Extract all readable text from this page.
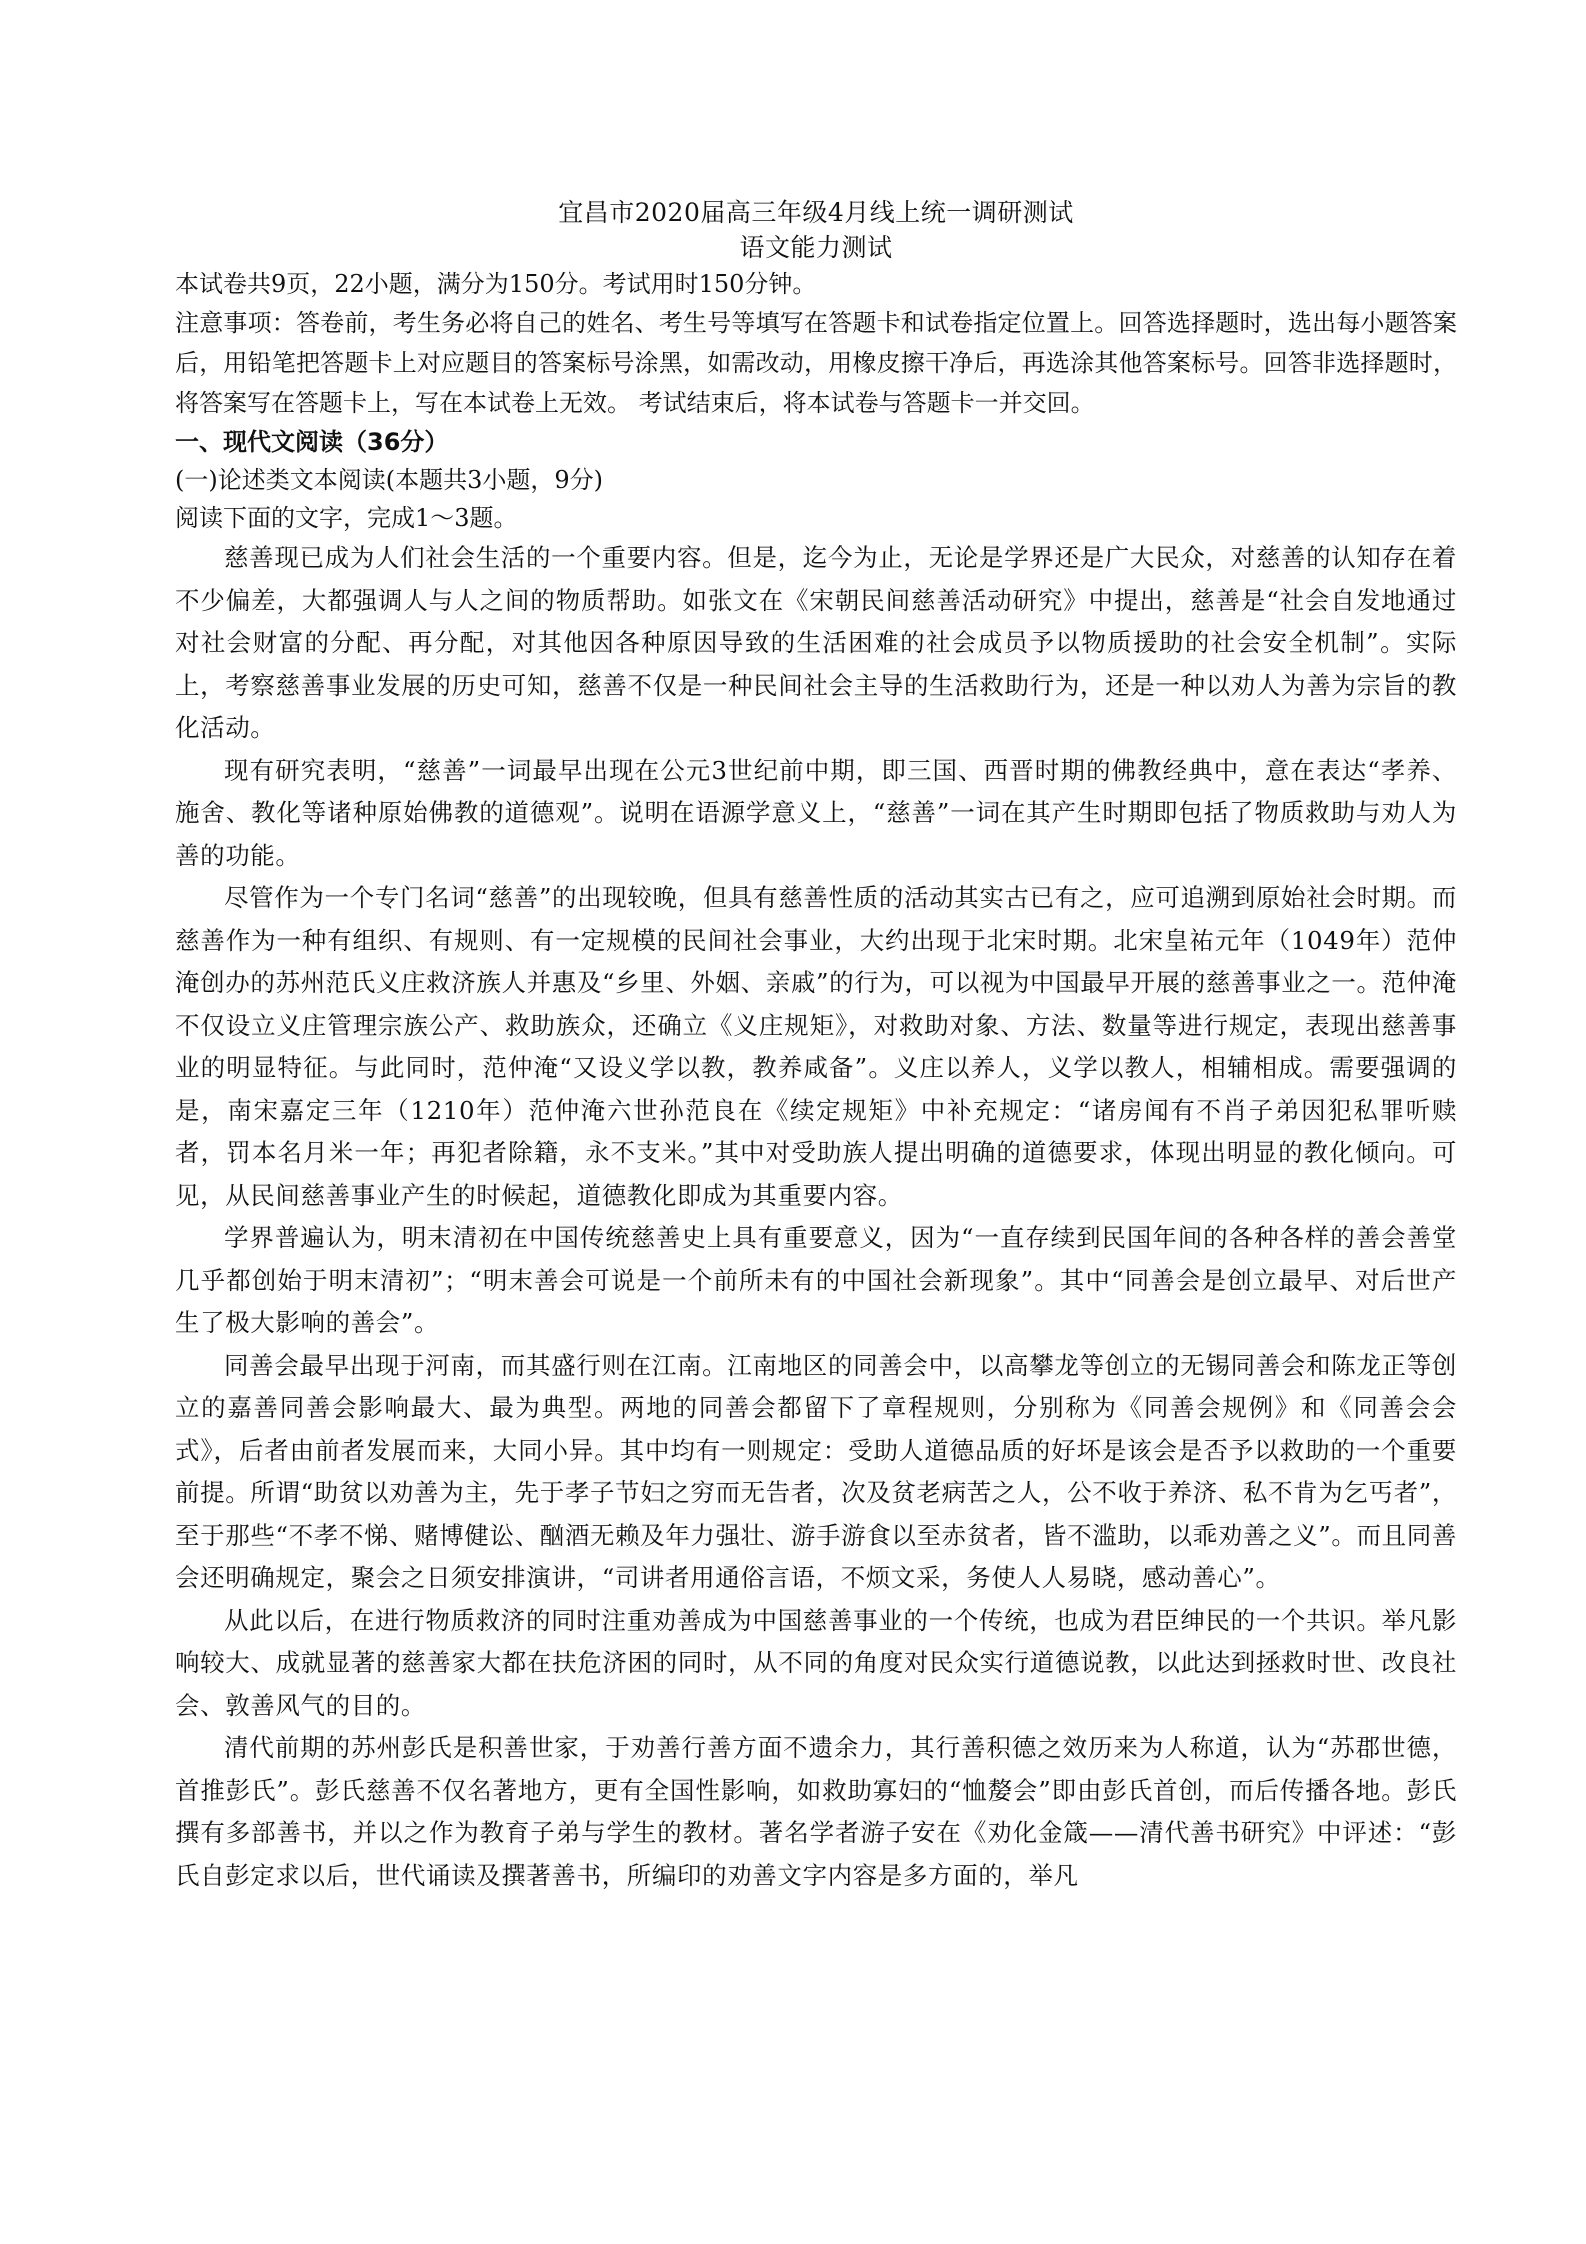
宜昌市2020届高三年级4月线上统一调研测试
语文能力测试

本试卷共9页，22小题，满分为150分。考试用时150分钟。

注意事项：答卷前，考生务必将自己的姓名、考生号等填写在答题卡和试卷指定位置上。回答选择题时，选出每小题答案后，用铅笔把答题卡上对应题目的答案标号涂黑，如需改动，用橡皮擦干净后，再选涂其他答案标号。回答非选择题时，将答案写在答题卡上，写在本试卷上无效。 考试结束后，将本试卷与答题卡一并交回。

一、现代文阅读（36分）

(一)论述类文本阅读(本题共3小题，9分)

阅读下面的文字，完成1～3题。

慈善现已成为人们社会生活的一个重要内容。但是，迄今为止，无论是学界还是广大民众，对慈善的认知存在着不少偏差，大都强调人与人之间的物质帮助。如张文在《宋朝民间慈善活动研究》中提出，慈善是“社会自发地通过对社会财富的分配、再分配，对其他因各种原因导致的生活困难的社会成员予以物质援助的社会安全机制”。实际上，考察慈善事业发展的历史可知，慈善不仅是一种民间社会主导的生活救助行为，还是一种以劝人为善为宗旨的教化活动。

现有研究表明，“慈善”一词最早出现在公元3世纪前中期，即三国、西晋时期的佛教经典中，意在表达“孝养、施舍、教化等诸种原始佛教的道德观”。说明在语源学意义上，“慈善”一词在其产生时期即包括了物质救助与劝人为善的功能。

尽管作为一个专门名词“慈善”的出现较晚，但具有慈善性质的活动其实古已有之，应可追溯到原始社会时期。而慈善作为一种有组织、有规则、有一定规模的民间社会事业，大约出现于北宋时期。北宋皇祐元年（1049年）范仲淹创办的苏州范氏义庄救济族人并惠及“乡里、外姻、亲戚”的行为，可以视为中国最早开展的慈善事业之一。范仲淹不仅设立义庄管理宗族公产、救助族众，还确立《义庄规矩》，对救助对象、方法、数量等进行规定，表现出慈善事业的明显特征。与此同时，范仲淹“又设义学以教，教养咸备”。义庄以养人，义学以教人，相辅相成。需要强调的是，南宋嘉定三年（1210年）范仲淹六世孙范良在《续定规矩》中补充规定：“诸房闻有不肖子弟因犯私罪听赎者，罚本名月米一年；再犯者除籍，永不支米。”其中对受助族人提出明确的道德要求，体现出明显的教化倾向。可见，从民间慈善事业产生的时候起，道德教化即成为其重要内容。

学界普遍认为，明末清初在中国传统慈善史上具有重要意义，因为“一直存续到民国年间的各种各样的善会善堂几乎都创始于明末清初”；“明末善会可说是一个前所未有的中国社会新现象”。其中“同善会是创立最早、对后世产生了极大影响的善会”。

同善会最早出现于河南，而其盛行则在江南。江南地区的同善会中，以高攀龙等创立的无锡同善会和陈龙正等创立的嘉善同善会影响最大、最为典型。两地的同善会都留下了章程规则，分别称为《同善会规例》和《同善会会式》，后者由前者发展而来，大同小异。其中均有一则规定：受助人道德品质的好坏是该会是否予以救助的一个重要前提。所谓“助贫以劝善为主，先于孝子节妇之穷而无告者，次及贫老病苦之人，公不收于养济、私不肯为乞丐者”，至于那些“不孝不悌、赌博健讼、酗酒无赖及年力强壮、游手游食以至赤贫者，皆不滥助，以乖劝善之义”。而且同善会还明确规定，聚会之日须安排演讲，“司讲者用通俗言语，不烦文采，务使人人易晓，感动善心”。

从此以后，在进行物质救济的同时注重劝善成为中国慈善事业的一个传统，也成为君臣绅民的一个共识。举凡影响较大、成就显著的慈善家大都在扶危济困的同时，从不同的角度对民众实行道德说教，以此达到拯救时世、改良社会、敦善风气的目的。

清代前期的苏州彭氏是积善世家，于劝善行善方面不遗余力，其行善积德之效历来为人称道，认为“苏郡世德，首推彭氏”。彭氏慈善不仅名著地方，更有全国性影响，如救助寡妇的“恤嫠会”即由彭氏首创，而后传播各地。彭氏撰有多部善书，并以之作为教育子弟与学生的教材。著名学者游子安在《劝化金箴——清代善书研究》中评述：“彭氏自彭定求以后，世代诵读及撰著善书，所编印的劝善文字内容是多方面的，举凡
